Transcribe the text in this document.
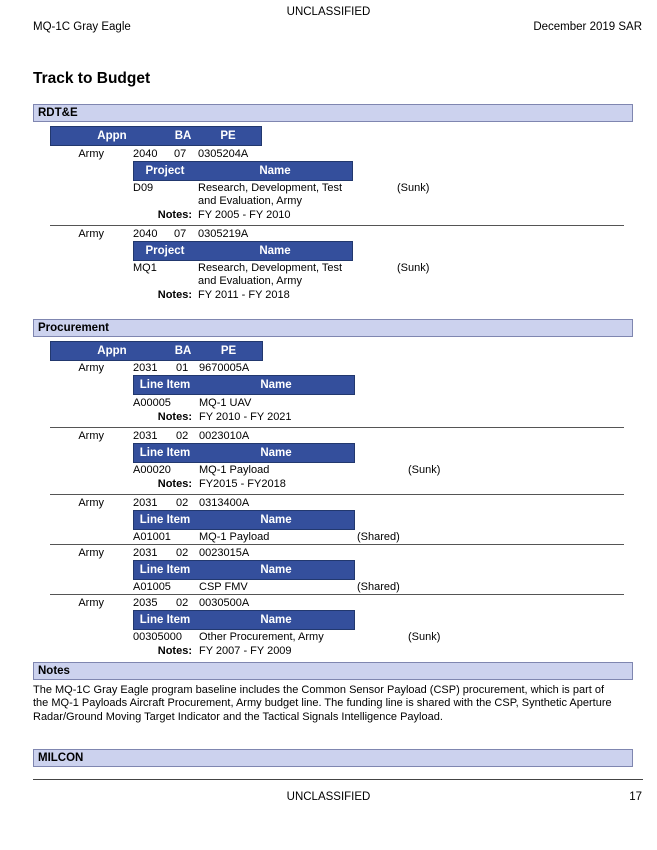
UNCLASSIFIED
MQ-1C Gray Eagle	December 2019 SAR
Track to Budget
RDT&E
Appn	BA	PE
Army	2040 07 0305204A
Project	Name
D09	Research, Development, Test
and Evaluation, Army
(Sunk)
Notes: FY 2005 - FY 2010
Army	2040 07 0305219A
Project	Name
MQ1	Research, Development, Test
and Evaluation, Army
(Sunk)
Notes: FY 2011 - FY 2018
Procurement
Appn	BA	PE
Army	2031 01 9670005A
Line Item	Name
A00005	MQ-1 UAV
Notes: FY 2010 - FY 2021
Army	2031 02 0023010A
Line Item	Name
A00020	MQ-1 Payload	(Sunk)
Notes: FY2015 - FY2018
Army	2031 02 0313400A
Line Item	Name
A01001	MQ-1 Payload	(Shared)
Army	2031 02 0023015A
Line Item	Name
A01005	CSP FMV	(Shared)
Army	2035 02 0030500A
Line Item	Name
00305000 Other Procurement, Army	(Sunk)
Notes: FY 2007 - FY 2009
Notes
The MQ-1C Gray Eagle program baseline includes the Common Sensor Payload (CSP) procurement, which is part of
the MQ-1 Payloads Aircraft Procurement, Army budget line. The funding line is shared with the CSP, Synthetic Aperture
Radar/Ground Moving Target Indicator and the Tactical Signals Intelligence Payload.
MILCON
UNCLASSIFIED	17
